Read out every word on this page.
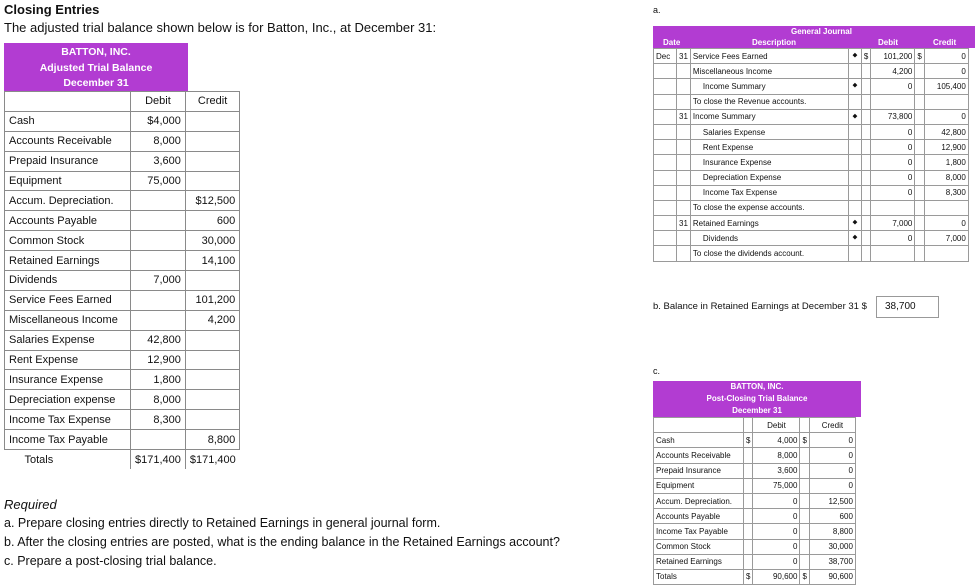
Closing Entries
The adjusted trial balance shown below is for Batton, Inc., at December 31:
BATTON, INC.
Adjusted Trial Balance
December 31
	Debit	Credit
Cash	$4,000	
Accounts Receivable	8,000	
Prepaid Insurance	3,600	
Equipment	75,000	
Accum. Depreciation.		$12,500
Accounts Payable		600
Common Stock		30,000
Retained Earnings		14,100
Dividends	7,000	
Service Fees Earned		101,200
Miscellaneous Income		4,200
Salaries Expense	42,800	
Rent Expense	12,900	
Insurance Expense	1,800	
Depreciation expense	8,000	
Income Tax Expense	8,300	
Income Tax Payable		8,800
Totals	$171,400	$171,400
Required
a. Prepare closing entries directly to Retained Earnings in general journal form.
b. After the closing entries are posted, what is the ending balance in the Retained Earnings account?
c. Prepare a post-closing trial balance.
a.
General Journal
Date	Description	Debit	Credit
Dec	31	Service Fees Earned	⬥	$	101,200	$	0
		Miscellaneous Income			4,200		0
		Income Summary	⬥		0		105,400
		To close the Revenue accounts.					
	31	Income Summary	⬥		73,800		0
		Salaries Expense			0		42,800
		Rent Expense			0		12,900
		Insurance Expense			0		1,800
		Depreciation Expense			0		8,000
		Income Tax Expense			0		8,300
		To close the expense accounts.					
	31	Retained Earnings	⬥		7,000		0
		Dividends	⬥		0		7,000
		To close the dividends account.					
b. Balance in Retained Earnings at December 31 $	38,700
c.
BATTON, INC.
Post-Closing Trial Balance
December 31
		Debit		Credit
Cash	$	4,000	$	0
Accounts Receivable		8,000		0
Prepaid Insurance		3,600		0
Equipment		75,000		0
Accum. Depreciation.		0		12,500
Accounts Payable		0		600
Income Tax Payable		0		8,800
Common Stock		0		30,000
Retained Earnings		0		38,700
Totals	$	90,600	$	90,600
